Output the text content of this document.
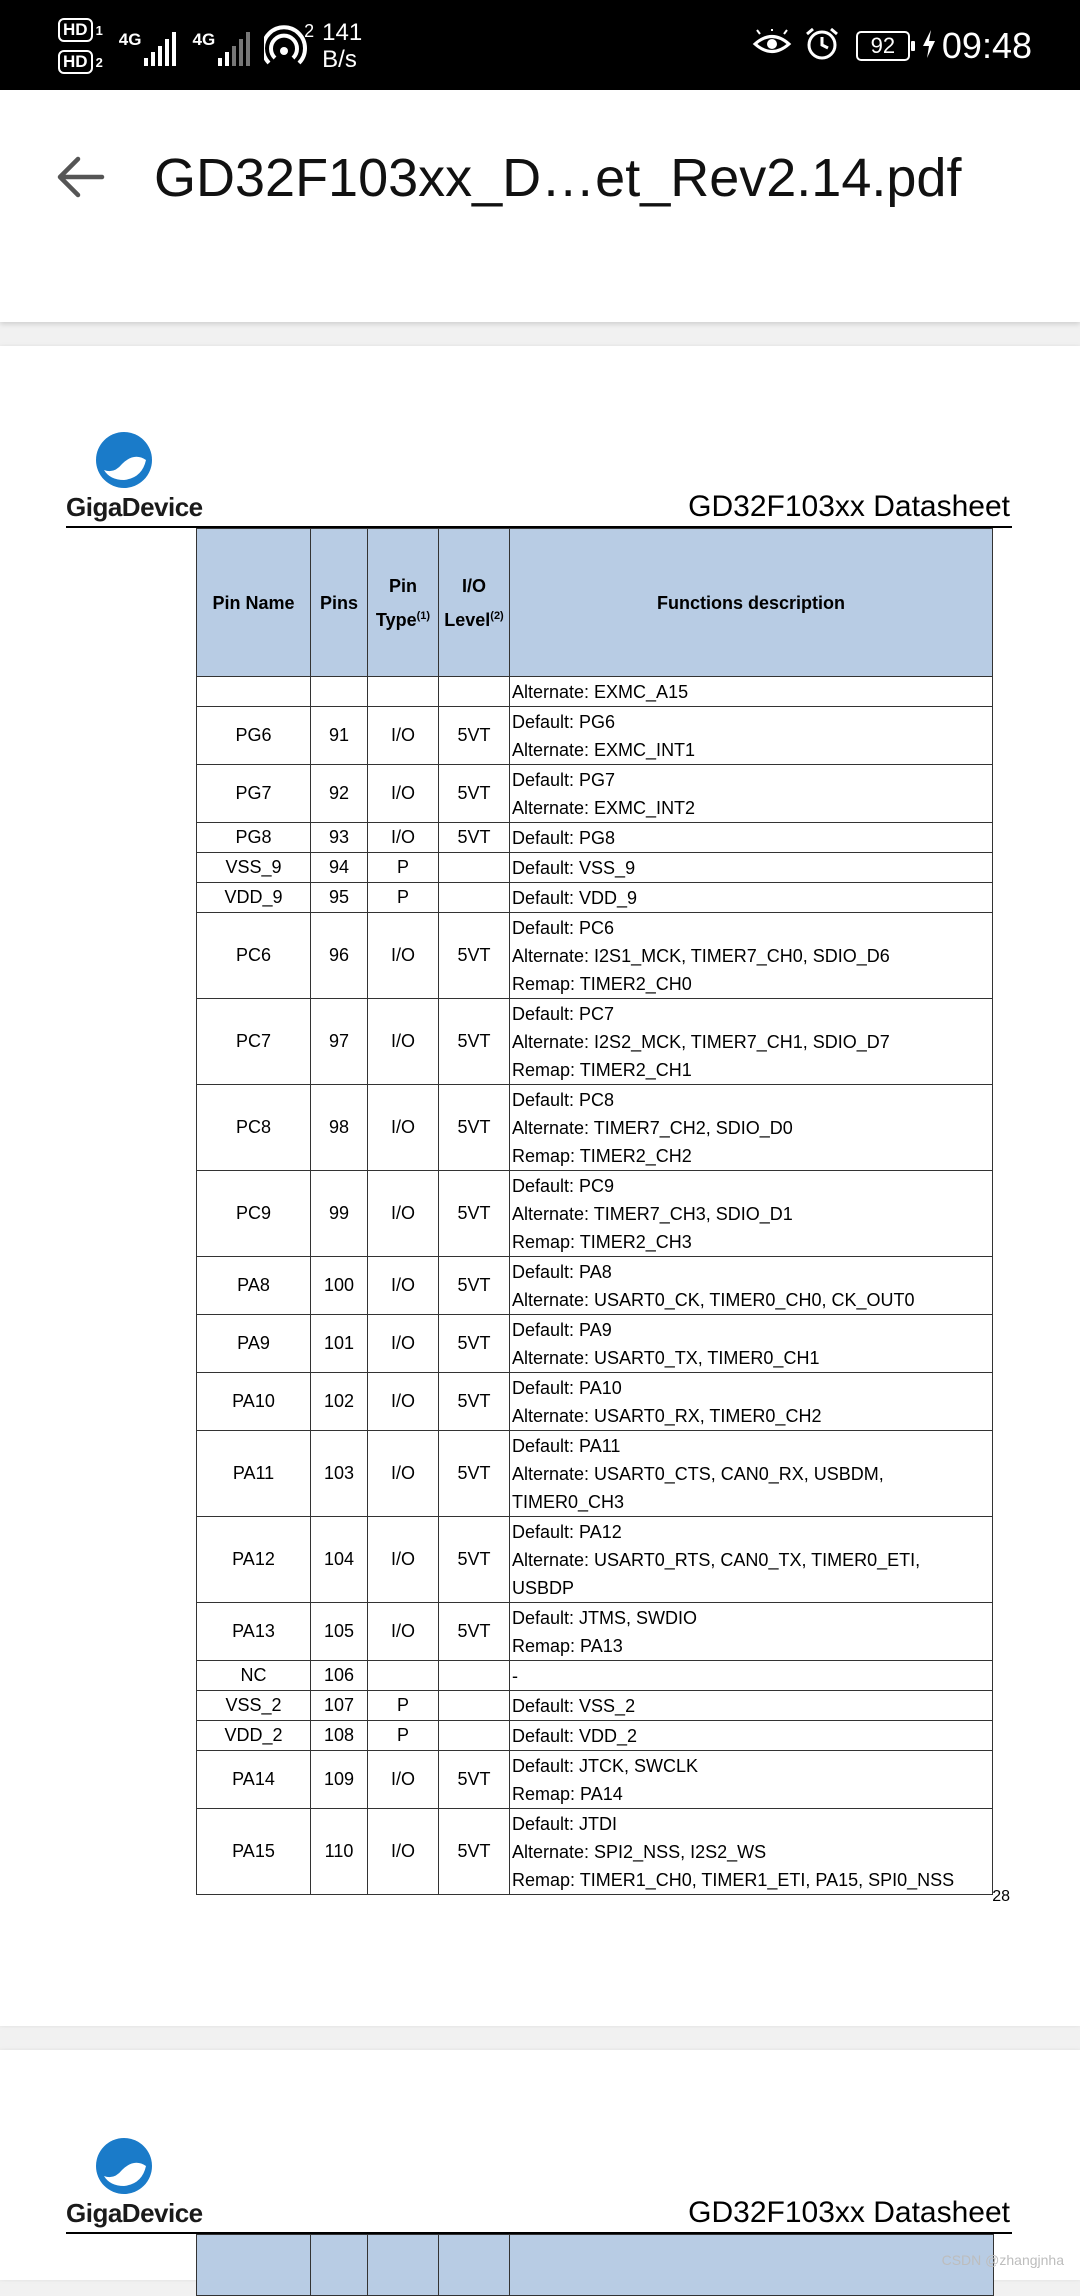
HD 1
HD 2
4G	4G	2 141
B/s
92	09:48
GD32F103xx_D…et_Rev2.14.pdf
GigaDevice	GD32F103xx Datasheet
Pin Name	Pins	Pin Type$^{(1)}$	I/O Level$^{(2)}$	Functions description

				Alternate: EXMC_A15

PG6	91	I/O	5VT	Default: PG6
Alternate: EXMC_INT1

PG7	92	I/O	5VT	Default: PG7
Alternate: EXMC_INT2

PG8	93	I/O	5VT	Default: PG8

VSS_9	94	P		Default: VSS_9

VDD_9	95	P		Default: VDD_9

PC6	96	I/O	5VT	Default: PC6
Alternate: I2S1_MCK, TIMER7_CH0, SDIO_D6
Remap: TIMER2_CH0

PC7	97	I/O	5VT	Default: PC7
Alternate: I2S2_MCK, TIMER7_CH1, SDIO_D7
Remap: TIMER2_CH1

PC8	98	I/O	5VT	Default: PC8
Alternate: TIMER7_CH2, SDIO_D0
Remap: TIMER2_CH2

PC9	99	I/O	5VT	Default: PC9
Alternate: TIMER7_CH3, SDIO_D1
Remap: TIMER2_CH3

PA8	100	I/O	5VT	Default: PA8
Alternate: USART0_CK, TIMER0_CH0, CK_OUT0

PA9	101	I/O	5VT	Default: PA9
Alternate: USART0_TX, TIMER0_CH1

PA10	102	I/O	5VT	Default: PA10
Alternate: USART0_RX, TIMER0_CH2

PA11	103	I/O	5VT	Default: PA11
Alternate: USART0_CTS, CAN0_RX, USBDM,
TIMER0_CH3

PA12	104	I/O	5VT	Default: PA12
Alternate: USART0_RTS, CAN0_TX, TIMER0_ETI,
USBDP

PA13	105	I/O	5VT	Default: JTMS, SWDIO
Remap: PA13

NC	106			-

VSS_2	107	P		Default: VSS_2

VDD_2	108	P		Default: VDD_2

PA14	109	I/O	5VT	Default: JTCK, SWCLK
Remap: PA14

PA15	110	I/O	5VT	Default: JTDI
Alternate: SPI2_NSS, I2S2_WS
Remap: TIMER1_CH0, TIMER1_ETI, PA15, SPI0_NSS
28
GigaDevice	GD32F103xx Datasheet
CSDN @zhangjnha
